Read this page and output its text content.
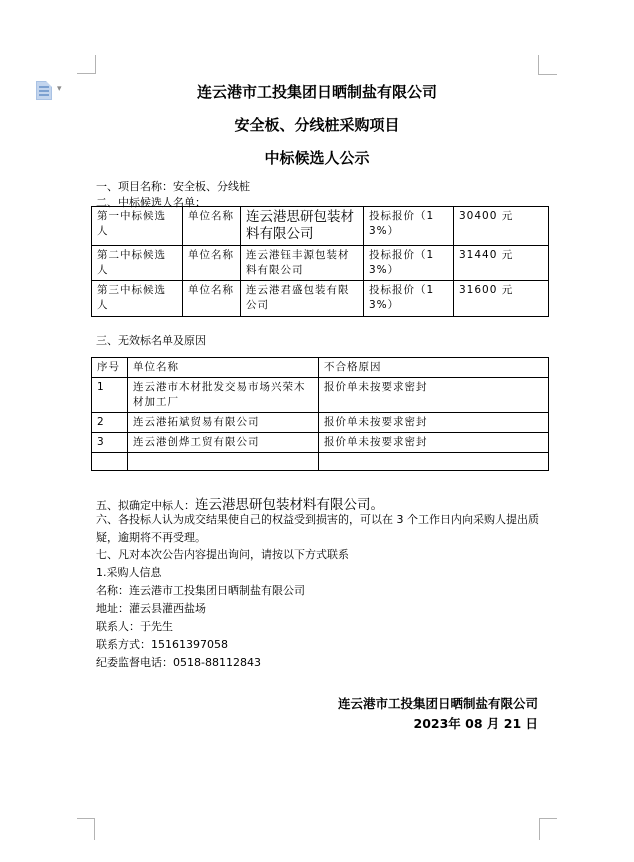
▾	连云港市工投集团日晒制盐有限公司
安全板、分线桩采购项目
中标候选人公示
一、项目名称：安全板、分线桩
二、中标候选人名单：
第一中标候选人	单位名称	连云港思研包装材料有限公司	投标报价（13%）	30400 元
第二中标候选人	单位名称	连云港钰丰源包装材料有限公司	投标报价（13%）	31440 元
第三中标候选人	单位名称	连云港君盛包装有限公司	投标报价（13%）	31600 元
三、无效标名单及原因
序号	单位名称	不合格原因
1	连云港市木材批发交易市场兴荣木材加工厂	报价单未按要求密封
2	连云港拓斌贸易有限公司	报价单未按要求密封
3	连云港创烨工贸有限公司	报价单未按要求密封

五、拟确定中标人：连云港思研包装材料有限公司。
六、各投标人认为成交结果使自己的权益受到损害的，可以在 3 个工作日内向采购人提出质
疑，逾期将不再受理。
七、凡对本次公告内容提出询问，请按以下方式联系
1.采购人信息
名称：连云港市工投集团日晒制盐有限公司
地址：灌云县灌西盐场
联系人：于先生
联系方式：15161397058
纪委监督电话：0518-88112843
连云港市工投集团日晒制盐有限公司
2023年 08 月 21 日
